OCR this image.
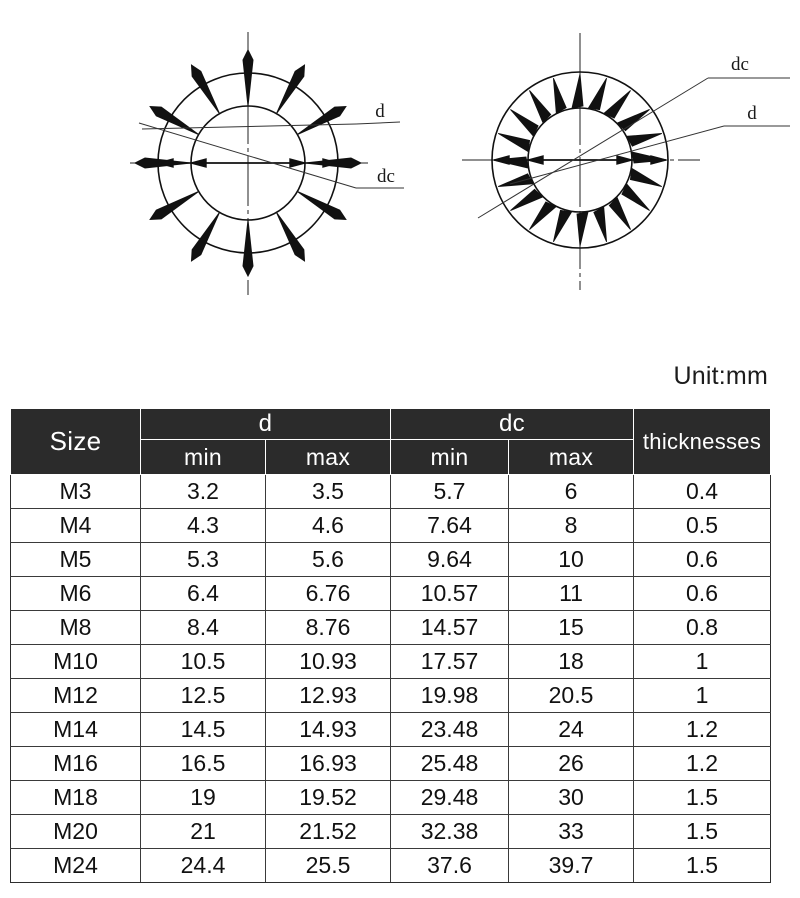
d
dc
dc
d
Unit:mm
Size	d		dc		thicknesses
	min	max	min	max	
M3	3.2	3.5	5.7	6	0.4
M4	4.3	4.6	7.64	8	0.5
M5	5.3	5.6	9.64	10	0.6
M6	6.4	6.76	10.57	11	0.6
M8	8.4	8.76	14.57	15	0.8
M10	10.5	10.93	17.57	18	1
M12	12.5	12.93	19.98	20.5	1
M14	14.5	14.93	23.48	24	1.2
M16	16.5	16.93	25.48	26	1.2
M18	19	19.52	29.48	30	1.5
M20	21	21.52	32.38	33	1.5
M24	24.4	25.5	37.6	39.7	1.5
